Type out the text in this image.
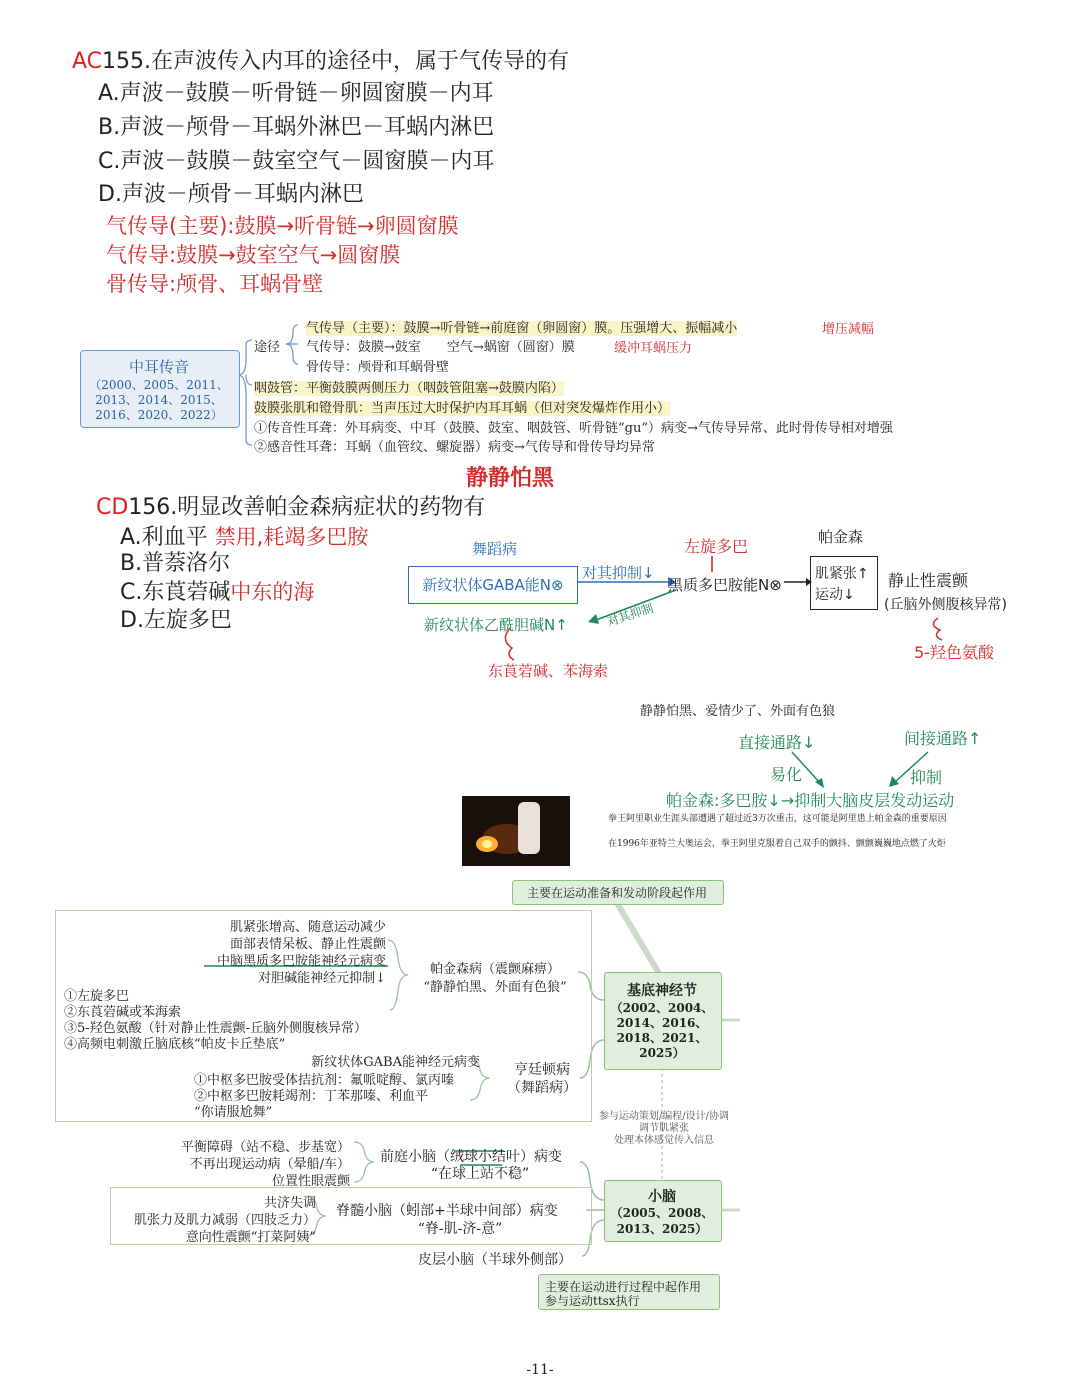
AC155.在声波传入内耳的途径中，属于气传导的有
A.声波－鼓膜－听骨链－卵圆窗膜－内耳
B.声波－颅骨－耳蜗外淋巴－耳蜗内淋巴
C.声波－鼓膜－鼓室空气－圆窗膜－内耳
D.声波－颅骨－耳蜗内淋巴
气传导(主要):鼓膜→听骨链→卵圆窗膜
气传导:鼓膜→鼓室空气→圆窗膜
骨传导:颅骨、耳蜗骨壁
中耳传音
（2000、2005、2011、
2013、2014、2015、
2016、2020、2022）
途径
气传导（主要）：鼓膜→听骨链→前庭窗（卵圆窗）膜。压强增大、振幅减小	增压减幅
气传导：鼓膜→鼓室　　空气→蜗窗（圆窗）膜	缓冲耳蜗压力
骨传导：颅骨和耳蜗骨壁
咽鼓管：平衡鼓膜两侧压力（咽鼓管阻塞→鼓膜内陷）
鼓膜张肌和镫骨肌：当声压过大时保护内耳耳蜗（但对突发爆炸作用小）
①传音性耳聋：外耳病变、中耳（鼓膜、鼓室、咽鼓管、听骨链“gu”）病变→气传导异常、此时骨传导相对增强
②感音性耳聋：耳蜗（血管纹、螺旋器）病变→气传导和骨传导均异常
静静怕黑
CD156.明显改善帕金森病症状的药物有
A.利血平 禁用,耗竭多巴胺
B.普萘洛尔
C.东莨菪碱中东的海
D.左旋多巴
舞蹈病
新纹状体GABA能N⊗
对其抑制↓
左旋多巴
黑质多巴胺能N⊗
帕金森
肌紧张↑
运动↓
静止性震颤
(丘脑外侧腹核异常)
新纹状体乙酰胆碱N↑	对其抑制
东莨菪碱、苯海索
5-羟色氨酸
静静怕黑、爱情少了、外面有色狼
直接通路↓	间接通路↑
易化	抑制
帕金森:多巴胺↓→抑制大脑皮层发动运动
拳王阿里职业生涯头部遭遇了超过近3万次重击，这可能是阿里患上帕金森的重要原因
在1996年亚特兰大奥运会，拳王阿里克服着自己双手的颤抖、颤颤巍巍地点燃了火炬
主要在运动准备和发动阶段起作用
基底神经节
（2002、2004、
2014、2016、
2018、2021、
2025）
帕金森病（震颤麻痹）
“静静怕黑、外面有色狼”
肌紧张增高、随意运动减少
面部表情呆板、静止性震颤
中脑黑质多巴胺能神经元病变
对胆碱能神经元抑制↓
①左旋多巴
②东莨菪碱或苯海索
③5-羟色氨酸（针对静止性震颤-丘脑外侧腹核异常）
④高频电刺激丘脑底核“帕皮卡丘垫底”
亨廷顿病
（舞蹈病）
新纹状体GABA能神经元病变
①中枢多巴胺受体拮抗剂：氟哌啶醇、氯丙嗪
②中枢多巴胺耗竭剂：丁苯那嗪、利血平
“你请服尬舞”	参与运动策划/编程/设计/协调
调节肌紧张
处理本体感觉传入信息
小脑
（2005、2008、
2013、2025）
前庭小脑（绒球小结叶）病变
“在球上站不稳”
平衡障碍（站不稳、步基宽）
不再出现运动病（晕船/车）
位置性眼震颤
脊髓小脑（蚓部+半球中间部）病变
“脊-肌-济-意”
共济失调
肌张力及肌力减弱（四肢乏力）
意向性震颤“打菜阿姨”
皮层小脑（半球外侧部）
主要在运动进行过程中起作用
参与运动ttsx执行
-11-
